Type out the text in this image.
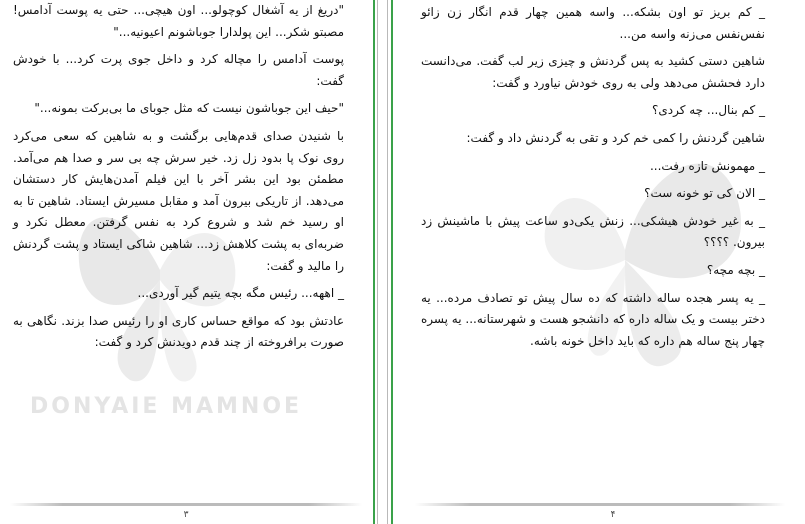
DONYAIE MAMNOE

"دریغ از یه آشغال کوچولو... اون هیچی... حتی یه پوست آدامس! مصبتو شکر... این پولدارا جوباشونم اعیونیه..."

پوست آدامس را مچاله کرد و داخل جوی پرت کرد... با خودش گفت:

"حیف این جوباشون نیست که مثل جوبای ما بی‌برکت بمونه..."

با شنیدن صدای قدم‌هایی برگشت و به شاهین که سعی می‌کرد روی نوک پا بدود زل زد. خیر سرش چه بی سر و صدا هم می‌آمد. مطمئن بود این بشر آخر با این فیلم آمدن‌هایش کار دستشان می‌دهد. از تاریکی بیرون آمد و مقابل مسیرش ایستاد. شاهین تا به او رسید خم شد و شروع کرد به نفس گرفتن. معطل نکرد و ضربه‌ای به پشت کلاهش زد... شاهین شاکی ایستاد و پشت گردنش را مالید و گفت:

_ اههه... رئیس مگه بچه یتیم گیر آوردی...

عادتش بود که مواقع حساس کاری او را رئیس صدا بزند. نگاهی به صورت برافروخته از چند قدم دویدنش کرد و گفت:

۳

_ کم بریز تو اون بشکه... واسه همین چهار قدم انگار زن زائو نفس‌نفس می‌زنه واسه من...

شاهین دستی کشید به پس گردنش و چیزی زیر لب گفت. می‌دانست دارد فحشش می‌دهد ولی به روی خودش نیاورد و گفت:

_ کم بنال... چه کردی؟

شاهین گردنش را کمی خم کرد و تقی به گردنش داد و گفت:

_ مهمونش تازه رفت...

_ الان کی تو خونه ست؟

_ به غیر خودش هیشکی... زنش یکی‌دو ساعت پیش با ماشینش زد بیرون. ؟؟؟؟

_ بچه مچه؟

_ یه پسر هجده ساله داشته که ده سال پیش تو تصادف مرده... یه دختر بیست و یک ساله داره که دانشجو هست و شهرستانه... یه پسره چهار پنج ساله هم داره که باید داخل خونه باشه.

۴
